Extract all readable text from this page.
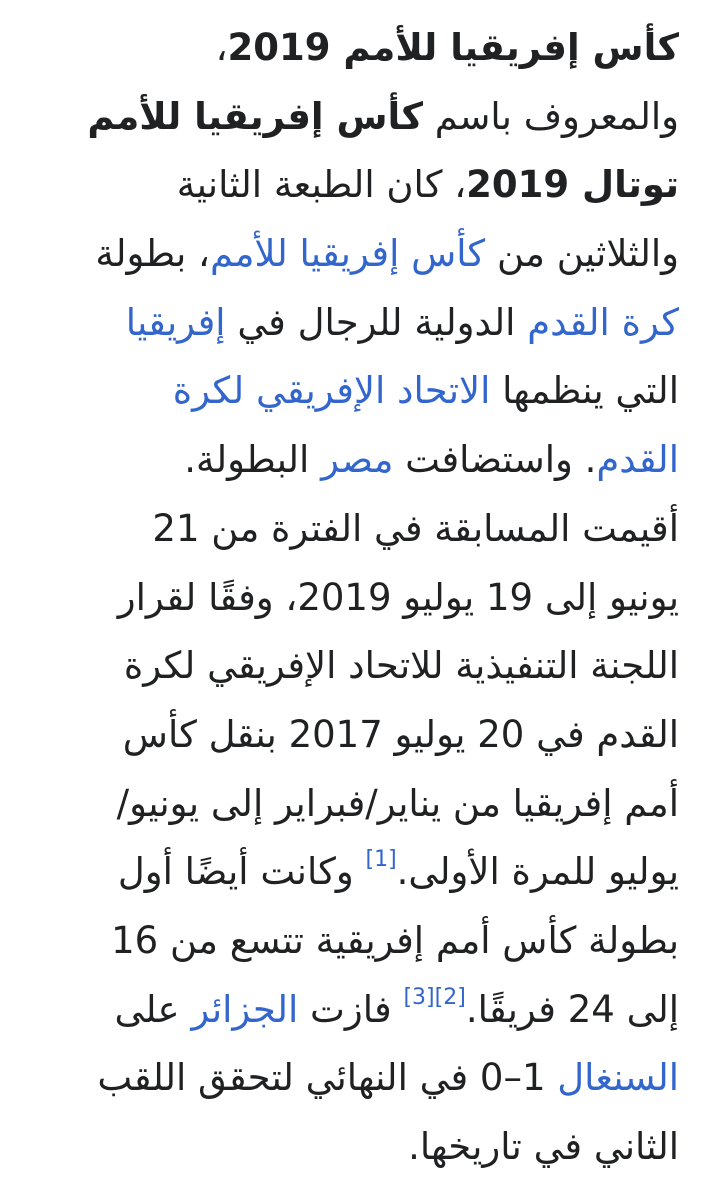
كأس إفريقيا للأمم 2019،
والمعروف باسم كأس إفريقيا للأمم
توتال 2019، كان الطبعة الثانية
والثلاثين من كأس إفريقيا للأمم، بطولة
كرة القدم الدولية للرجال في إفريقيا
التي ينظمها الاتحاد الإفريقي لكرة
القدم. واستضافت مصر البطولة.
أقيمت المسابقة في الفترة من 21
يونيو إلى 19 يوليو 2019، وفقًا لقرار
اللجنة التنفيذية للاتحاد الإفريقي لكرة
القدم في 20 يوليو 2017 بنقل كأس
أمم إفريقيا من يناير/فبراير إلى يونيو/
يوليو للمرة الأولى.[1] وكانت أيضًا أول
بطولة كأس أمم إفريقية تتسع من 16
إلى 24 فريقًا.[2][3] فازت الجزائر على
السنغال 1–0 في النهائي لتحقق اللقب
الثاني في تاريخها.
